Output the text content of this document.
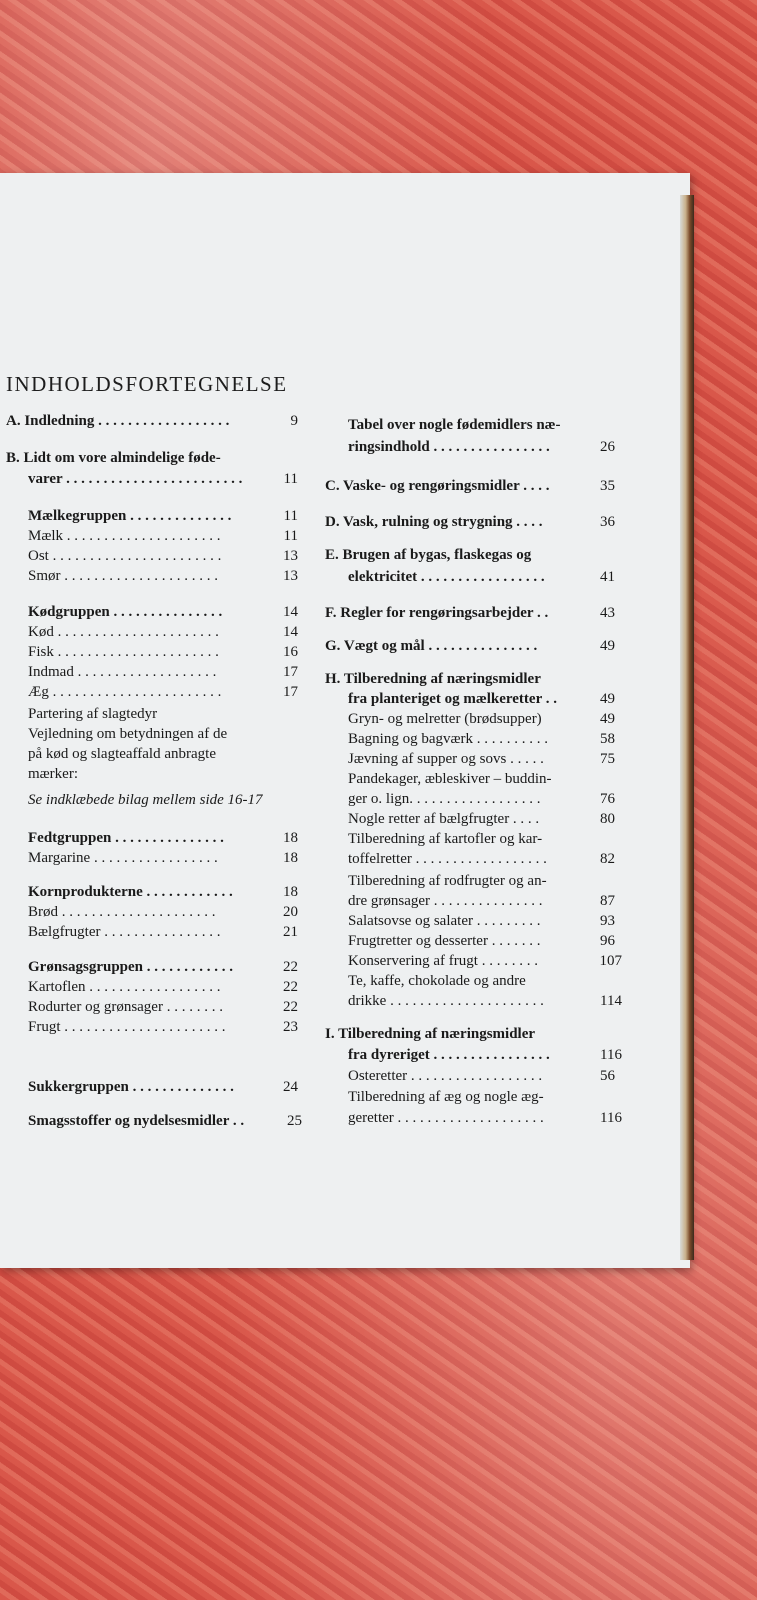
INDHOLDSFORTEGNELSE
A. Indledning . . . . . . . . . . . . . . . . . .	9
B. Lidt om vore almindelige føde-
varer . . . . . . . . . . . . . . . . . . . . . . . .	11
Mælkegruppen . . . . . . . . . . . . . .	11
Mælk . . . . . . . . . . . . . . . . . . . . .	11
Ost . . . . . . . . . . . . . . . . . . . . . . .	13
Smør . . . . . . . . . . . . . . . . . . . . .	13
Kødgruppen . . . . . . . . . . . . . . .	14
Kød . . . . . . . . . . . . . . . . . . . . . .	14
Fisk . . . . . . . . . . . . . . . . . . . . . .	16
Indmad . . . . . . . . . . . . . . . . . . .	17
Æg . . . . . . . . . . . . . . . . . . . . . . .	17
Partering af slagtedyr
Vejledning om betydningen af de
på kød og slagteaffald anbragte
mærker:
Se indklæbede bilag mellem side 16-17
Fedtgruppen . . . . . . . . . . . . . . .	18
Margarine . . . . . . . . . . . . . . . . .	18
Kornprodukterne . . . . . . . . . . . .	18
Brød . . . . . . . . . . . . . . . . . . . . .	20
Bælgfrugter . . . . . . . . . . . . . . . .	21
Grønsagsgruppen . . . . . . . . . . . .	22
Kartoflen . . . . . . . . . . . . . . . . . .	22
Rodurter og grønsager . . . . . . . .	22
Frugt . . . . . . . . . . . . . . . . . . . . . .	23
Sukkergruppen . . . . . . . . . . . . . .	24
Smagsstoffer og nydelsesmidler . .	25
Tabel over nogle fødemidlers næ-
ringsindhold . . . . . . . . . . . . . . . .	26
C. Vaske- og rengøringsmidler . . . .	35
D. Vask, rulning og strygning . . . .	36
E. Brugen af bygas, flaskegas og
elektricitet . . . . . . . . . . . . . . . . .	41
F. Regler for rengøringsarbejder . .	43
G. Vægt og mål . . . . . . . . . . . . . . .	49
H. Tilberedning af næringsmidler
fra planteriget og mælkeretter . .	49
Gryn- og melretter (brødsupper)	49
Bagning og bagværk . . . . . . . . . .	58
Jævning af supper og sovs . . . . .	75
Pandekager, æbleskiver – buddin-
ger o. lign. . . . . . . . . . . . . . . . . .	76
Nogle retter af bælgfrugter . . . .	80
Tilberedning af kartofler og kar-
toffelretter . . . . . . . . . . . . . . . . . .	82
Tilberedning af rodfrugter og an-
dre grønsager . . . . . . . . . . . . . . .	87
Salatsovse og salater . . . . . . . . .	93
Frugtretter og desserter . . . . . . .	96
Konservering af frugt . . . . . . . .	107
Te, kaffe, chokolade og andre
drikke . . . . . . . . . . . . . . . . . . . . .	114
I. Tilberedning af næringsmidler
fra dyreriget . . . . . . . . . . . . . . . .	116
Osteretter . . . . . . . . . . . . . . . . . .	56
Tilberedning af æg og nogle æg-
geretter . . . . . . . . . . . . . . . . . . . .	116
